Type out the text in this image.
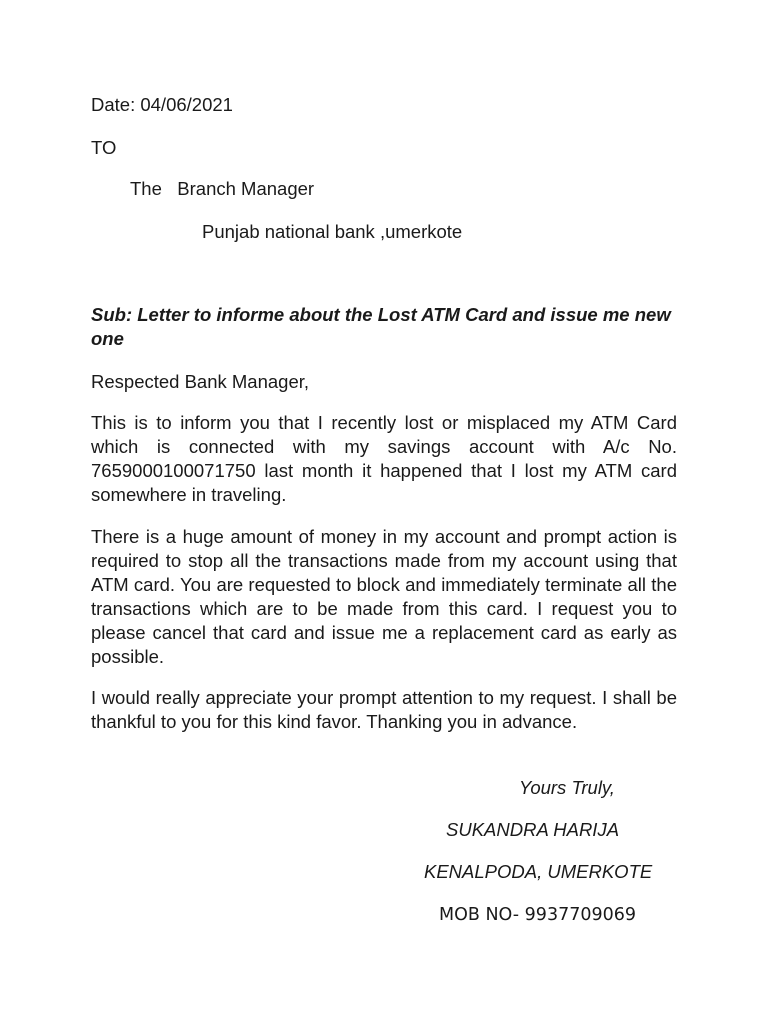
Date: 04/06/2021
TO
The   Branch Manager
Punjab national bank ,umerkote
Sub: Letter to informe about the Lost ATM Card and issue me new one
Respected Bank Manager,
This is to inform you that I recently lost or misplaced my ATM Card which is connected with my savings account with A/c No. 7659000100071750 last month it happened that I lost my ATM card somewhere in traveling.
There is a huge amount of money in my account and prompt action is required to stop all the transactions made from my account using that ATM card. You are requested to block and immediately terminate all the transactions which are to be made from this card. I request you to please cancel that card and issue me a replacement card as early as possible.
I would really appreciate your prompt attention to my request. I shall be thankful to you for this kind favor. Thanking you in advance.
Yours Truly,
SUKANDRA HARIJA
KENALPODA, UMERKOTE
MOB NO- 9937709069
